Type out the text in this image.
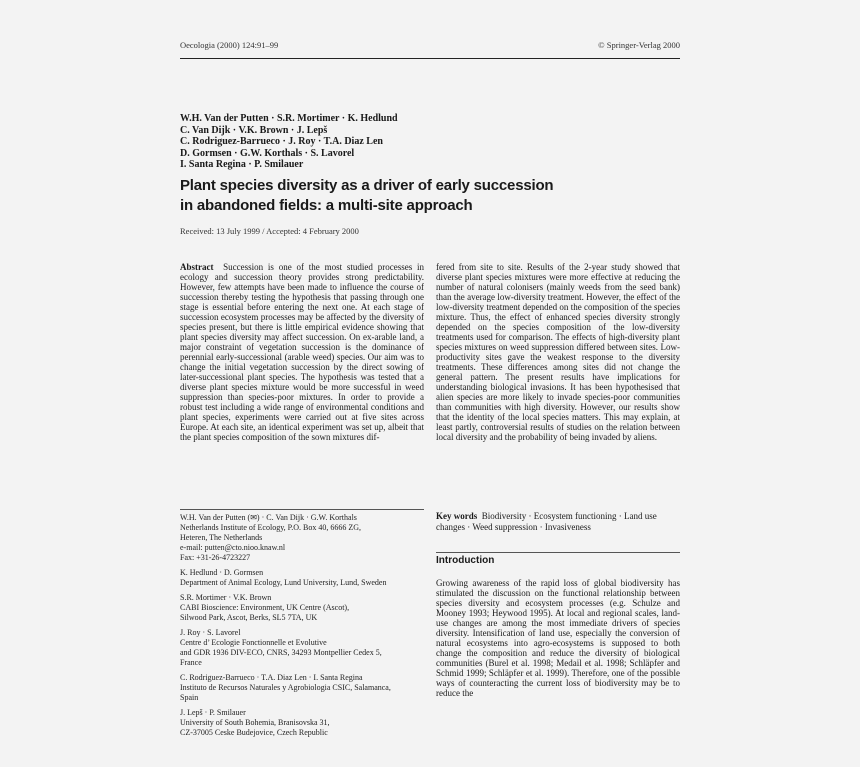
Oecologia (2000) 124:91–99	© Springer-Verlag 2000
W.H. Van der Putten · S.R. Mortimer · K. Hedlund
C. Van Dijk · V.K. Brown · J. Lepš
C. Rodriguez-Barrueco · J. Roy · T.A. Diaz Len
D. Gormsen · G.W. Korthals · S. Lavorel
I. Santa Regina · P. Smilauer
Plant species diversity as a driver of early succession
in abandoned fields: a multi-site approach
Received: 13 July 1999 / Accepted: 4 February 2000

Abstract Succession is one of the most studied processes in ecology and succession theory provides strong predictability. However, few attempts have been made to influence the course of succession thereby testing the hypothesis that passing through one stage is essential before entering the next one. At each stage of succession ecosystem processes may be affected by the diversity of species present, but there is little empirical evidence showing that plant species diversity may affect succession. On ex-arable land, a major constraint of vegetation succession is the dominance of perennial early-successional (arable weed) species. Our aim was to change the initial vegetation succession by the direct sowing of later-successional plant species. The hypothesis was tested that a diverse plant species mixture would be more successful in weed suppression than species-poor mixtures. In order to provide a robust test including a wide range of environmental conditions and plant species, experiments were carried out at five sites across Europe. At each site, an identical experiment was set up, albeit that the plant species composition of the sown mixtures dif-

fered from site to site. Results of the 2-year study showed that diverse plant species mixtures were more effective at reducing the number of natural colonisers (mainly weeds from the seed bank) than the average low-diversity treatment. However, the effect of the low-diversity treatment depended on the composition of the species mixture. Thus, the effect of enhanced species diversity strongly depended on the species composition of the low-diversity treatments used for comparison. The effects of high-diversity plant species mixtures on weed suppression differed between sites. Low-productivity sites gave the weakest response to the diversity treatments. These differences among sites did not change the general pattern. The present results have implications for understanding biological invasions. It has been hypothesised that alien species are more likely to invade species-poor communities than communities with high diversity. However, our results show that the identity of the local species matters. This may explain, at least partly, controversial results of studies on the relation between local diversity and the probability of being invaded by aliens.

W.H. Van der Putten (✉) · C. Van Dijk · G.W. Korthals
Netherlands Institute of Ecology, P.O. Box 40, 6666 ZG,
Heteren, The Netherlands
e-mail: putten@cto.nioo.knaw.nl
Fax: +31-26-4723227
K. Hedlund · D. Gormsen
Department of Animal Ecology, Lund University, Lund, Sweden
S.R. Mortimer · V.K. Brown
CABI Bioscience: Environment, UK Centre (Ascot),
Silwood Park, Ascot, Berks, SL5 7TA, UK
J. Roy · S. Lavorel
Centre d’ Ecologie Fonctionnelle et Evolutive
and GDR 1936 DIV-ECO, CNRS, 34293 Montpellier Cedex 5,
France
C. Rodriguez-Barrueco · T.A. Diaz Len · I. Santa Regina
Instituto de Recursos Naturales y Agrobiologia CSIC, Salamanca,
Spain
J. Lepš · P. Smilauer
University of South Bohemia, Branisovska 31,
CZ-37005 Ceske Budejovice, Czech Republic
Key words Biodiversity · Ecosystem functioning · Land use changes · Weed suppression · Invasiveness
Introduction
Growing awareness of the rapid loss of global biodiversity has stimulated the discussion on the functional relationship between species diversity and ecosystem processes (e.g. Schulze and Mooney 1993; Heywood 1995). At local and regional scales, land-use changes are among the most immediate drivers of species diversity. Intensification of land use, especially the conversion of natural ecosystems into agro-ecosystems is supposed to both change the composition and reduce the diversity of biological communities (Burel et al. 1998; Medail et al. 1998; Schläpfer and Schmid 1999; Schläpfer et al. 1999). Therefore, one of the possible ways of counteracting the current loss of biodiversity may be to reduce the
